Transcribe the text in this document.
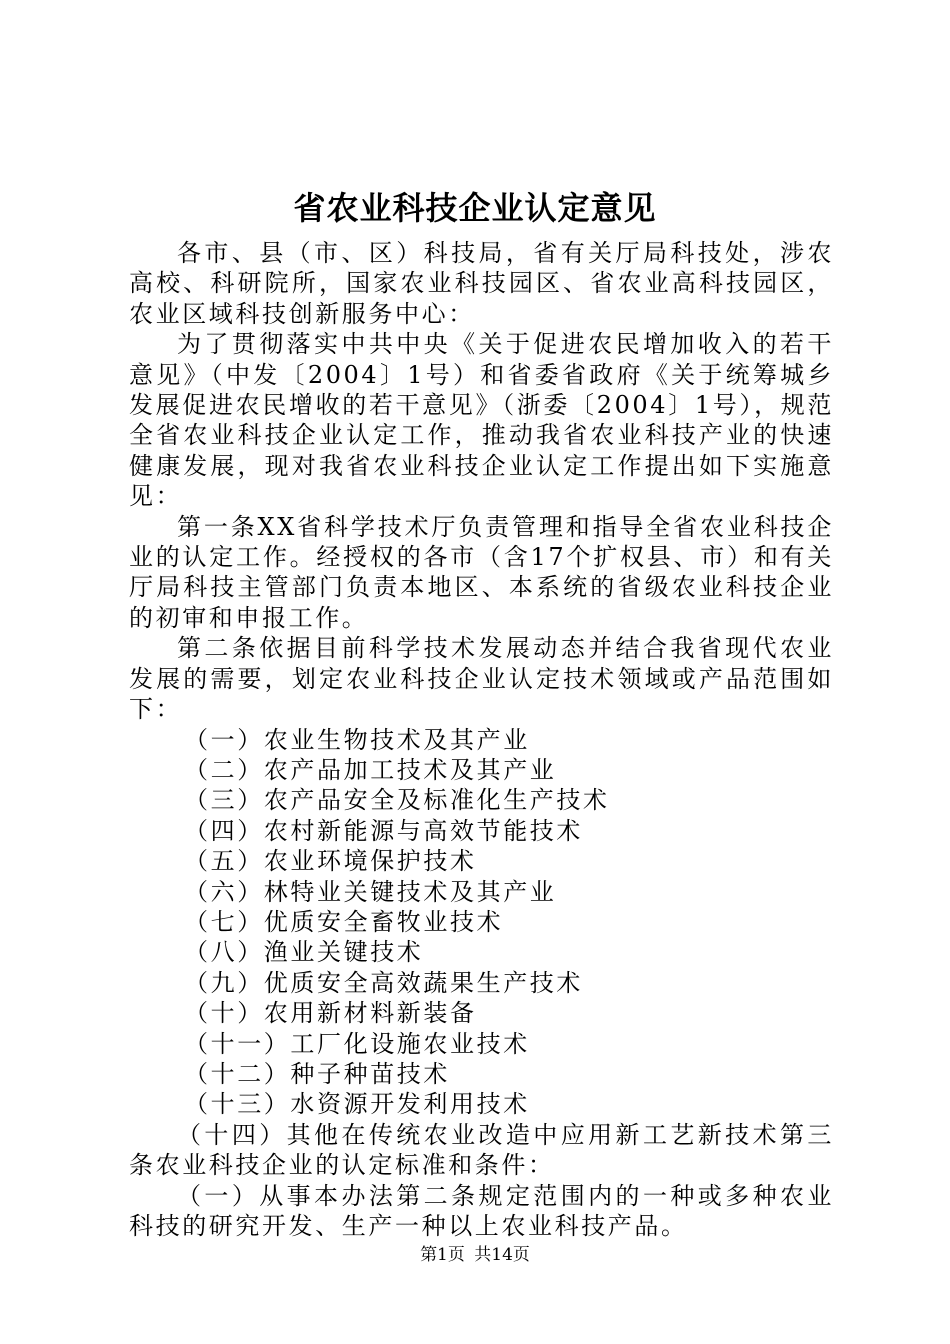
省农业科技企业认定意见

各市、县（市、区）科技局，省有关厅局科技处，涉农高校、科研院所，国家农业科技园区、省农业高科技园区，农业区域科技创新服务中心：

为了贯彻落实中共中央《关于促进农民增加收入的若干意见》（中发〔2004〕1号）和省委省政府《关于统筹城乡发展促进农民增收的若干意见》（浙委〔2004〕1号），规范全省农业科技企业认定工作，推动我省农业科技产业的快速健康发展，现对我省农业科技企业认定工作提出如下实施意见：

第一条XX省科学技术厅负责管理和指导全省农业科技企业的认定工作。经授权的各市（含17个扩权县、市）和有关厅局科技主管部门负责本地区、本系统的省级农业科技企业的初审和申报工作。

第二条依据目前科学技术发展动态并结合我省现代农业发展的需要，划定农业科技企业认定技术领域或产品范围如下：

（一）农业生物技术及其产业

（二）农产品加工技术及其产业

（三）农产品安全及标准化生产技术

（四）农村新能源与高效节能技术

（五）农业环境保护技术

（六）林特业关键技术及其产业

（七）优质安全畜牧业技术

（八）渔业关键技术

（九）优质安全高效蔬果生产技术

（十）农用新材料新装备

（十一）工厂化设施农业技术

（十二）种子种苗技术

（十三）水资源开发利用技术

（十四）其他在传统农业改造中应用新工艺新技术第三条农业科技企业的认定标准和条件：

（一）从事本办法第二条规定范围内的一种或多种农业科技的研究开发、生产一种以上农业科技产品。

第1页 共14页
